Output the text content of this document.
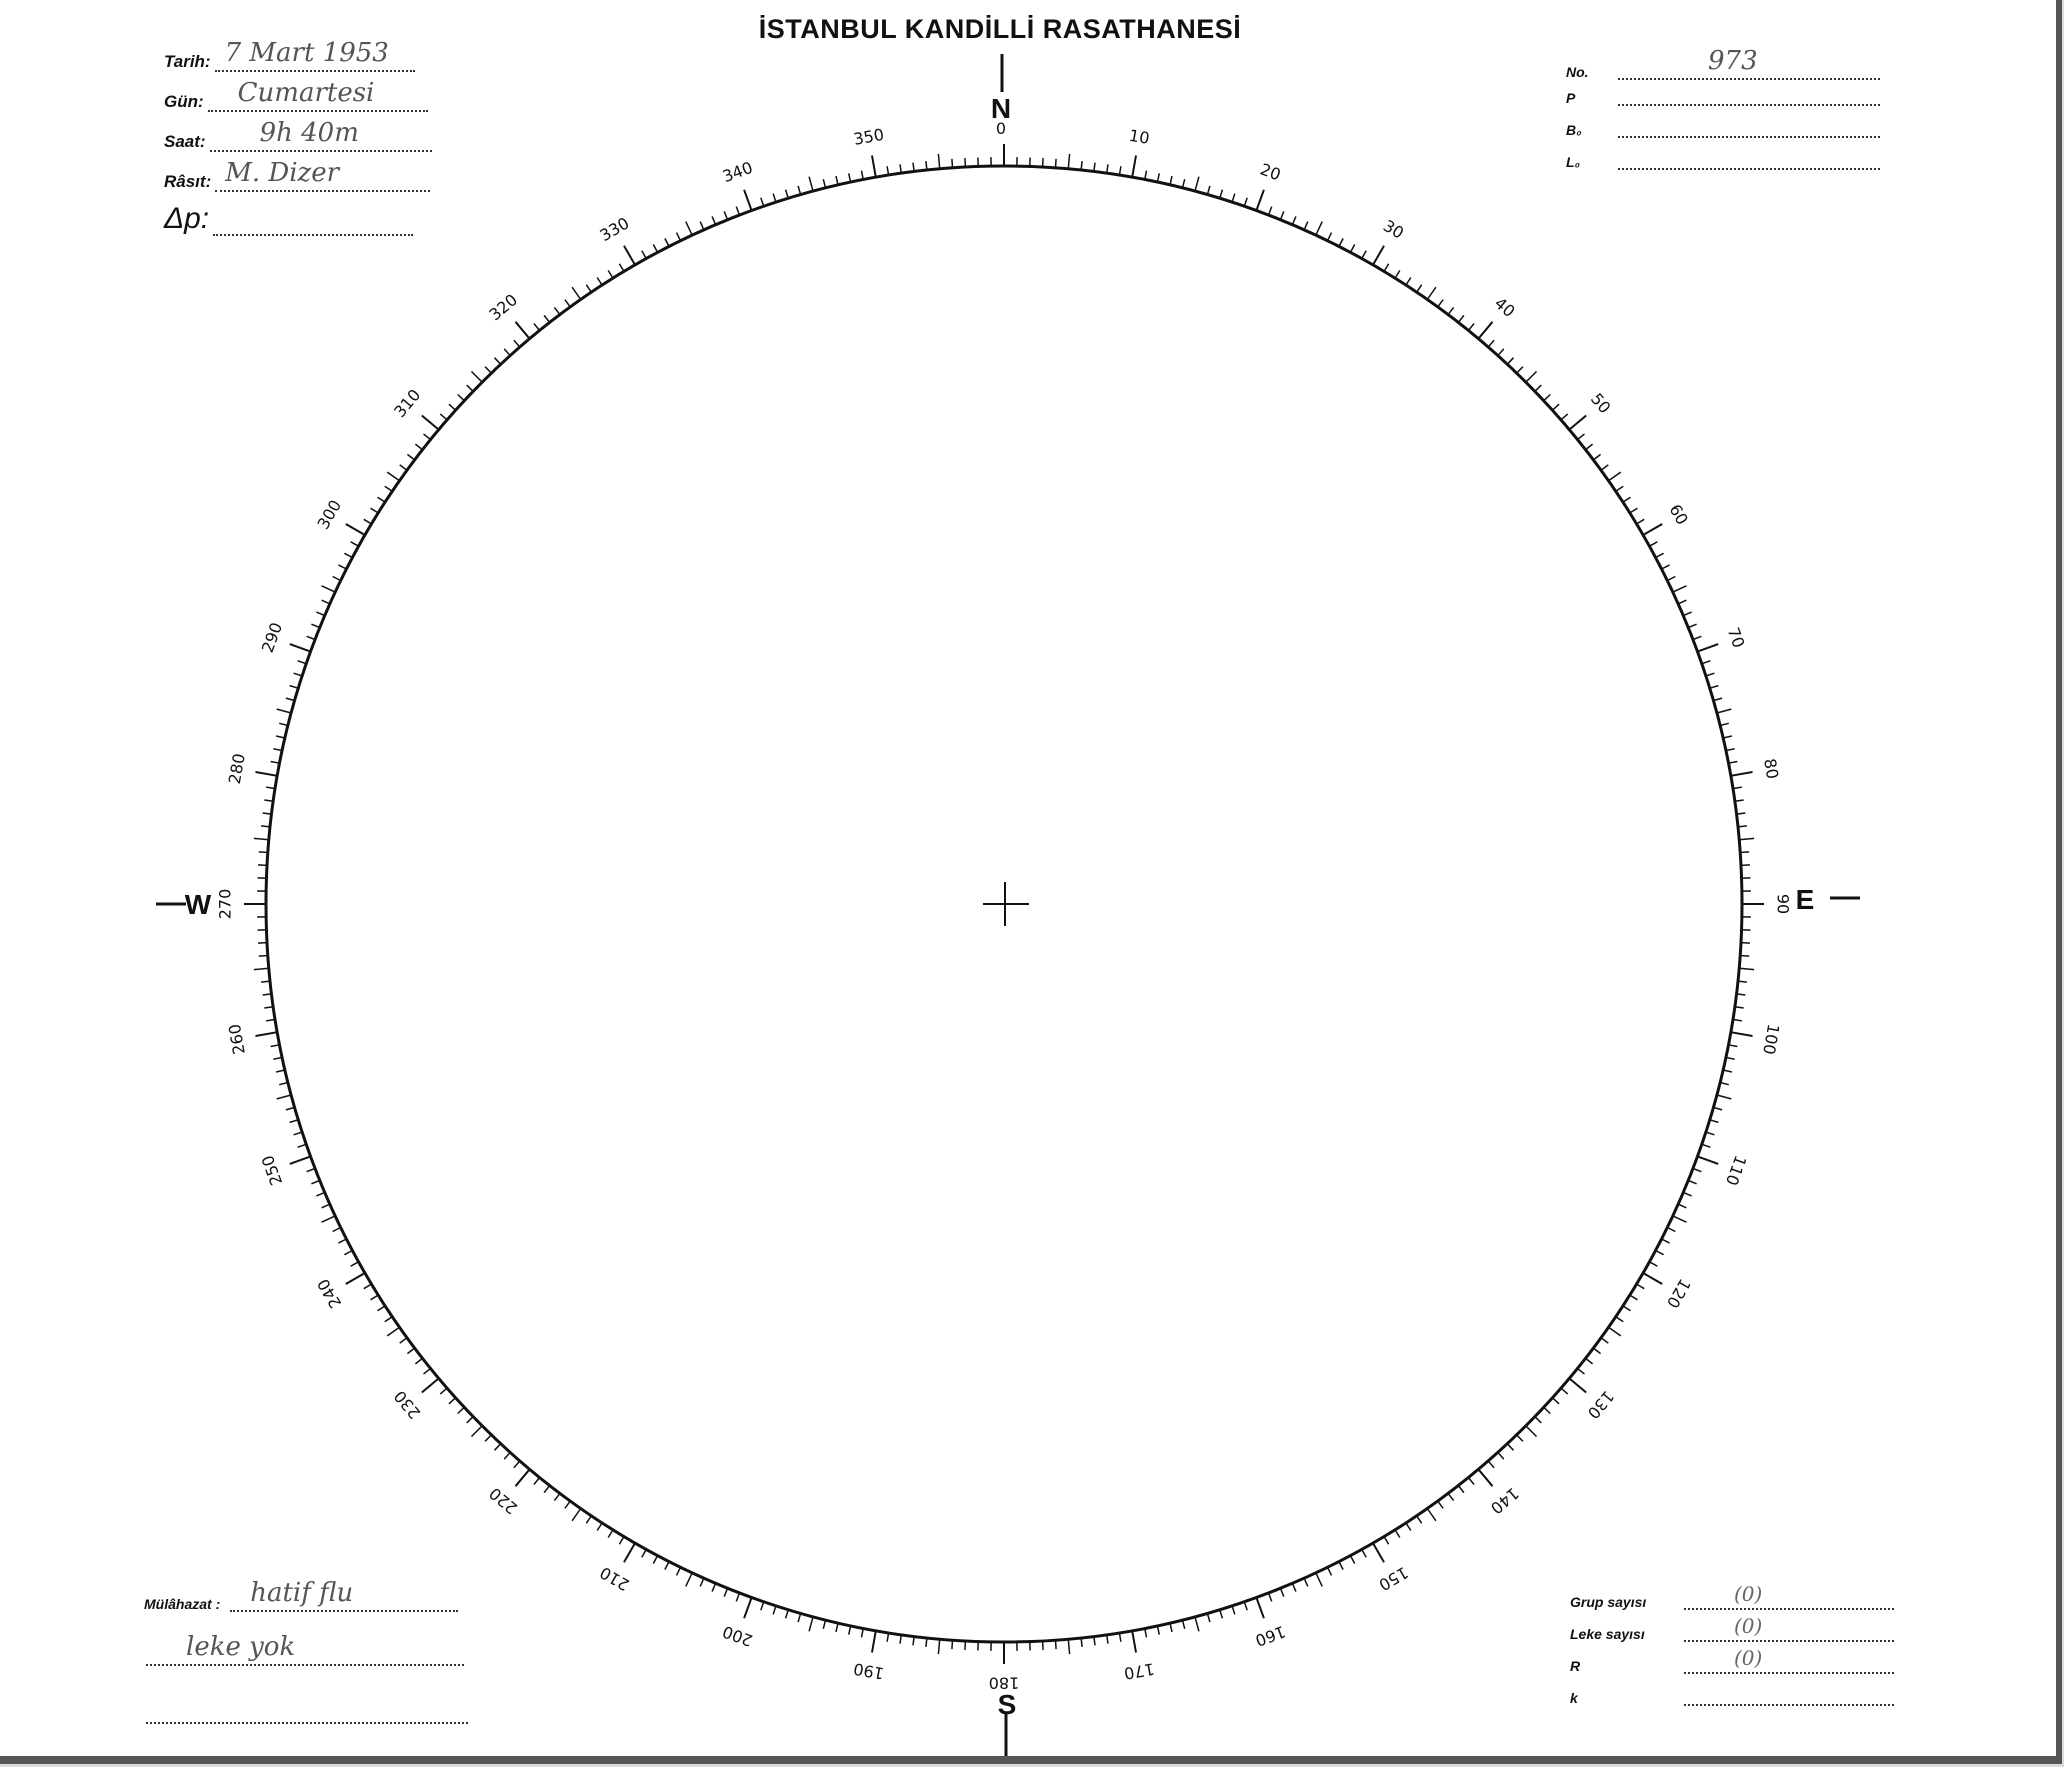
İSTANBUL KANDİLLİ RASATHANESİ
Tarih: 7 Mart 1953
Gün: Cumartesi
Saat: 9h 40m
Râsıt: M. Dizer
Δp:
No.	973
P
B₀
L₀
N
0
S
W	E
10
20
30
40
50
60
70
80
90
100
110
120
130
140
150
160
170
180
190
200
210
220
230
240
250
260
270
280
290
300
310
320
330
340
350
Mülâhazat : hatif flu
leke yok
Grup sayısı	(0)
Leke sayısı	(0)
R	(0)
k
